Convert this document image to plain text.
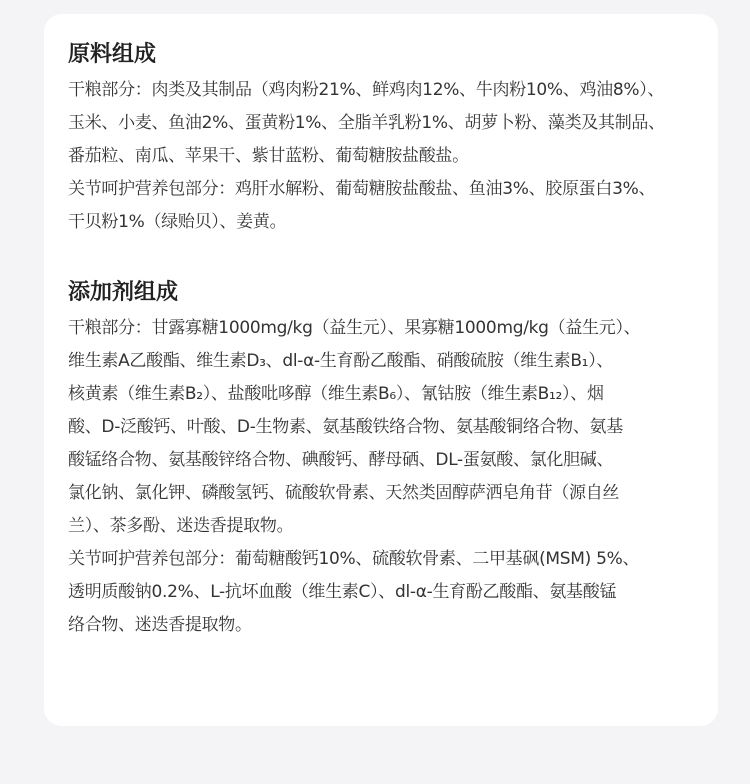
原料组成

干粮部分：肉类及其制品（鸡肉粉21%、鲜鸡肉12%、牛肉粉10%、鸡油8%）、
玉米、小麦、鱼油2%、蛋黄粉1%、全脂羊乳粉1%、胡萝卜粉、藻类及其制品、
番茄粒、南瓜、苹果干、紫甘蓝粉、葡萄糖胺盐酸盐。

关节呵护营养包部分：鸡肝水解粉、葡萄糖胺盐酸盐、鱼油3%、胶原蛋白3%、
干贝粉1%（绿贻贝）、姜黄。

添加剂组成

干粮部分：甘露寡糖1000mg/kg（益生元）、果寡糖1000mg/kg（益生元）、
维生素A乙酸酯、维生素D₃、dl-α-生育酚乙酸酯、硝酸硫胺（维生素B₁）、
核黄素（维生素B₂）、盐酸吡哆醇（维生素B₆）、氰钴胺（维生素B₁₂）、烟
酸、D-泛酸钙、叶酸、D-生物素、氨基酸铁络合物、氨基酸铜络合物、氨基
酸锰络合物、氨基酸锌络合物、碘酸钙、酵母硒、DL-蛋氨酸、氯化胆碱、
氯化钠、氯化钾、磷酸氢钙、硫酸软骨素、天然类固醇萨洒皂角苷（源自丝
兰）、茶多酚、迷迭香提取物。

关节呵护营养包部分：葡萄糖酸钙10%、硫酸软骨素、二甲基砜(MSM) 5%、
透明质酸钠0.2%、L-抗坏血酸（维生素C）、dl-α-生育酚乙酸酯、氨基酸锰
络合物、迷迭香提取物。
